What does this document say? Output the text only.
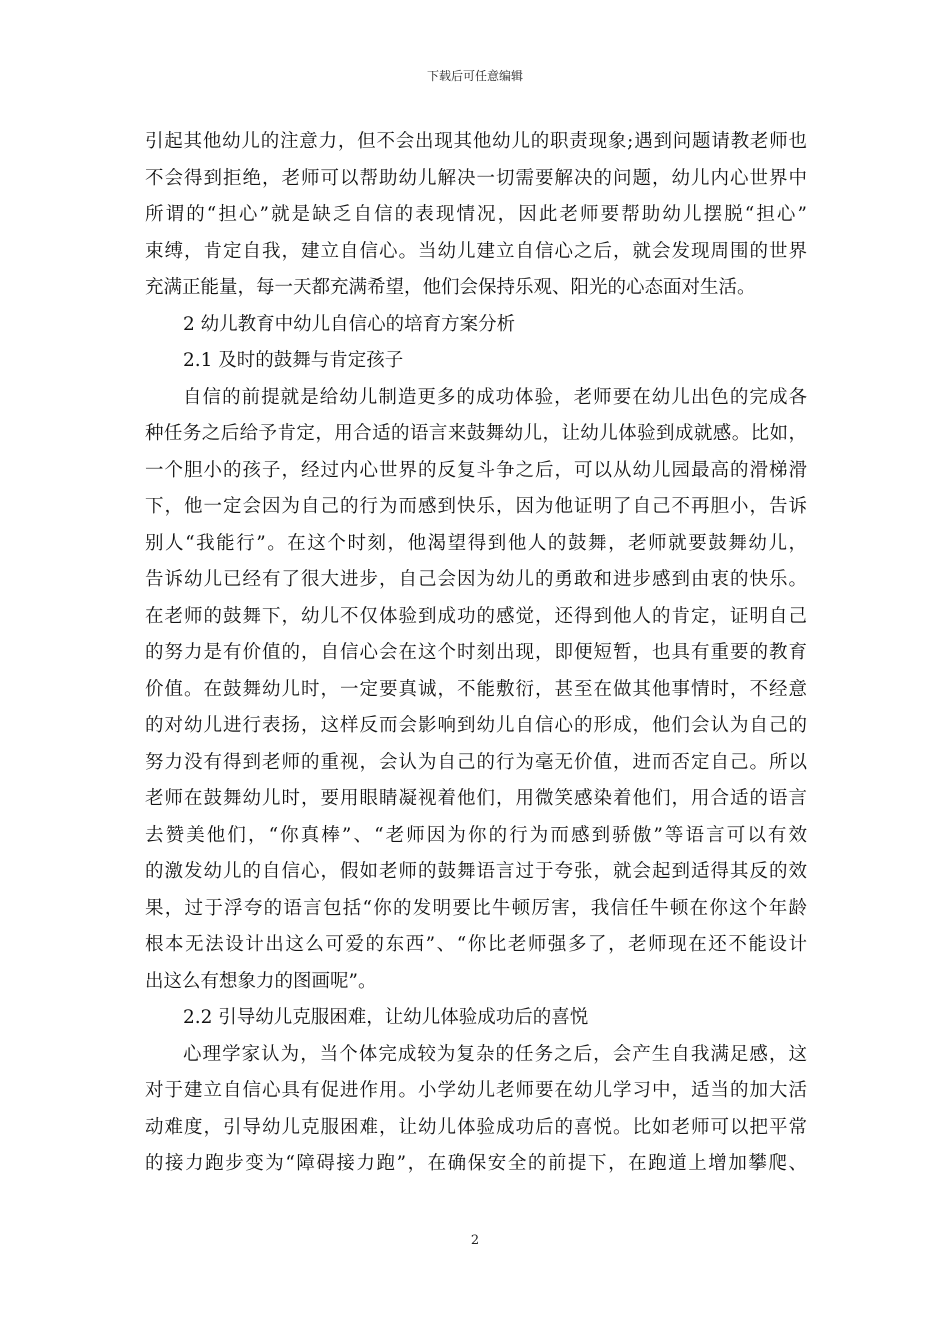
下载后可任意编辑
引起其他幼儿的注意力，但不会出现其他幼儿的职责现象;遇到问题请教老师也
不会得到拒绝，老师可以帮助幼儿解决一切需要解决的问题，幼儿内心世界中
所谓的“担心”就是缺乏自信的表现情况，因此老师要帮助幼儿摆脱“担心”
束缚，肯定自我，建立自信心。当幼儿建立自信心之后，就会发现周围的世界
充满正能量，每一天都充满希望，他们会保持乐观、阳光的心态面对生活。
2 幼儿教育中幼儿自信心的培育方案分析
2.1 及时的鼓舞与肯定孩子
自信的前提就是给幼儿制造更多的成功体验，老师要在幼儿出色的完成各
种任务之后给予肯定，用合适的语言来鼓舞幼儿，让幼儿体验到成就感。比如，
一个胆小的孩子，经过内心世界的反复斗争之后，可以从幼儿园最高的滑梯滑
下，他一定会因为自己的行为而感到快乐，因为他证明了自己不再胆小，告诉
别人“我能行”。在这个时刻，他渴望得到他人的鼓舞，老师就要鼓舞幼儿，
告诉幼儿已经有了很大进步，自己会因为幼儿的勇敢和进步感到由衷的快乐。
在老师的鼓舞下，幼儿不仅体验到成功的感觉，还得到他人的肯定，证明自己
的努力是有价值的，自信心会在这个时刻出现，即便短暂，也具有重要的教育
价值。在鼓舞幼儿时，一定要真诚，不能敷衍，甚至在做其他事情时，不经意
的对幼儿进行表扬，这样反而会影响到幼儿自信心的形成，他们会认为自己的
努力没有得到老师的重视，会认为自己的行为毫无价值，进而否定自己。所以
老师在鼓舞幼儿时，要用眼睛凝视着他们，用微笑感染着他们，用合适的语言
去赞美他们，“你真棒”、“老师因为你的行为而感到骄傲”等语言可以有效
的激发幼儿的自信心，假如老师的鼓舞语言过于夸张，就会起到适得其反的效
果，过于浮夸的语言包括“你的发明要比牛顿厉害，我信任牛顿在你这个年龄
根本无法设计出这么可爱的东西”、“你比老师强多了，老师现在还不能设计
出这么有想象力的图画呢”。
2.2 引导幼儿克服困难，让幼儿体验成功后的喜悦
心理学家认为，当个体完成较为复杂的任务之后，会产生自我满足感，这
对于建立自信心具有促进作用。小学幼儿老师要在幼儿学习中，适当的加大活
动难度，引导幼儿克服困难，让幼儿体验成功后的喜悦。比如老师可以把平常
的接力跑步变为“障碍接力跑”，在确保安全的前提下，在跑道上增加攀爬、
2
